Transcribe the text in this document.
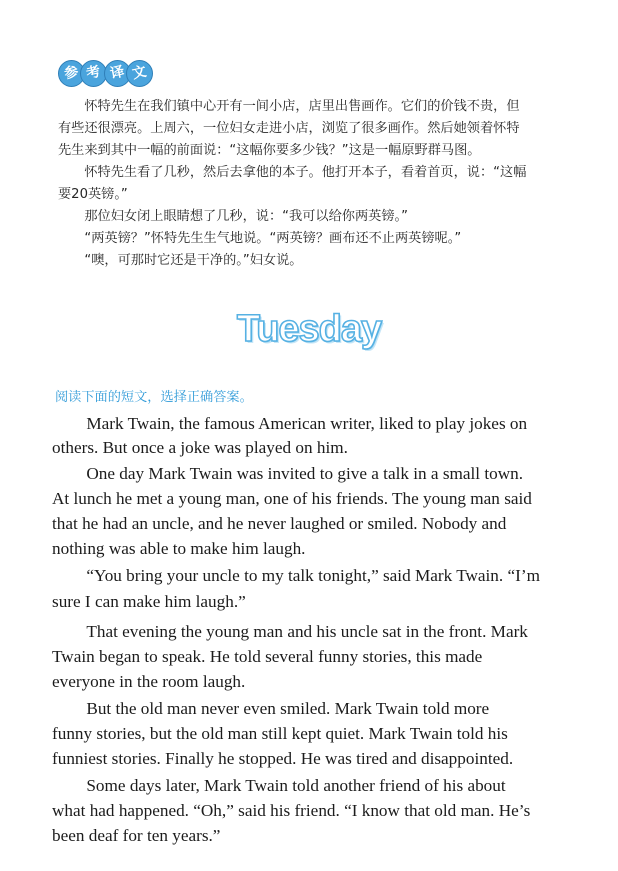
参 考 译 文
　　怀特先生在我们镇中心开有一间小店，店里出售画作。它们的价钱不贵，但
有些还很漂亮。上周六，一位妇女走进小店，浏览了很多画作。然后她领着怀特
先生来到其中一幅的前面说：“这幅你要多少钱？”这是一幅原野群马图。
　　怀特先生看了几秒，然后去拿他的本子。他打开本子，看着首页，说：“这幅
要20英镑。”
　　那位妇女闭上眼睛想了几秒，说：“我可以给你两英镑。”
　　“两英镑？”怀特先生生气地说。“两英镑？画布还不止两英镑呢。”
　　“噢，可那时它还是干净的。”妇女说。
Tuesday
阅读下面的短文，选择正确答案。
　　Mark Twain, the famous American writer, liked to play jokes on
others. But once a joke was played on him.
　　One day Mark Twain was invited to give a talk in a small town.
At lunch he met a young man, one of his friends. The young man said
that he had an uncle, and he never laughed or smiled. Nobody and
nothing was able to make him laugh.
　　“You bring your uncle to my talk tonight,” said Mark Twain. “I’m
sure I can make him laugh.”
　　That evening the young man and his uncle sat in the front. Mark
Twain began to speak. He told several funny stories, this made
everyone in the room laugh.
　　But the old man never even smiled. Mark Twain told more
funny stories, but the old man still kept quiet. Mark Twain told his
funniest stories. Finally he stopped. He was tired and disappointed.
　　Some days later, Mark Twain told another friend of his about
what had happened. “Oh,” said his friend. “I know that old man. He’s
been deaf for ten years.”
